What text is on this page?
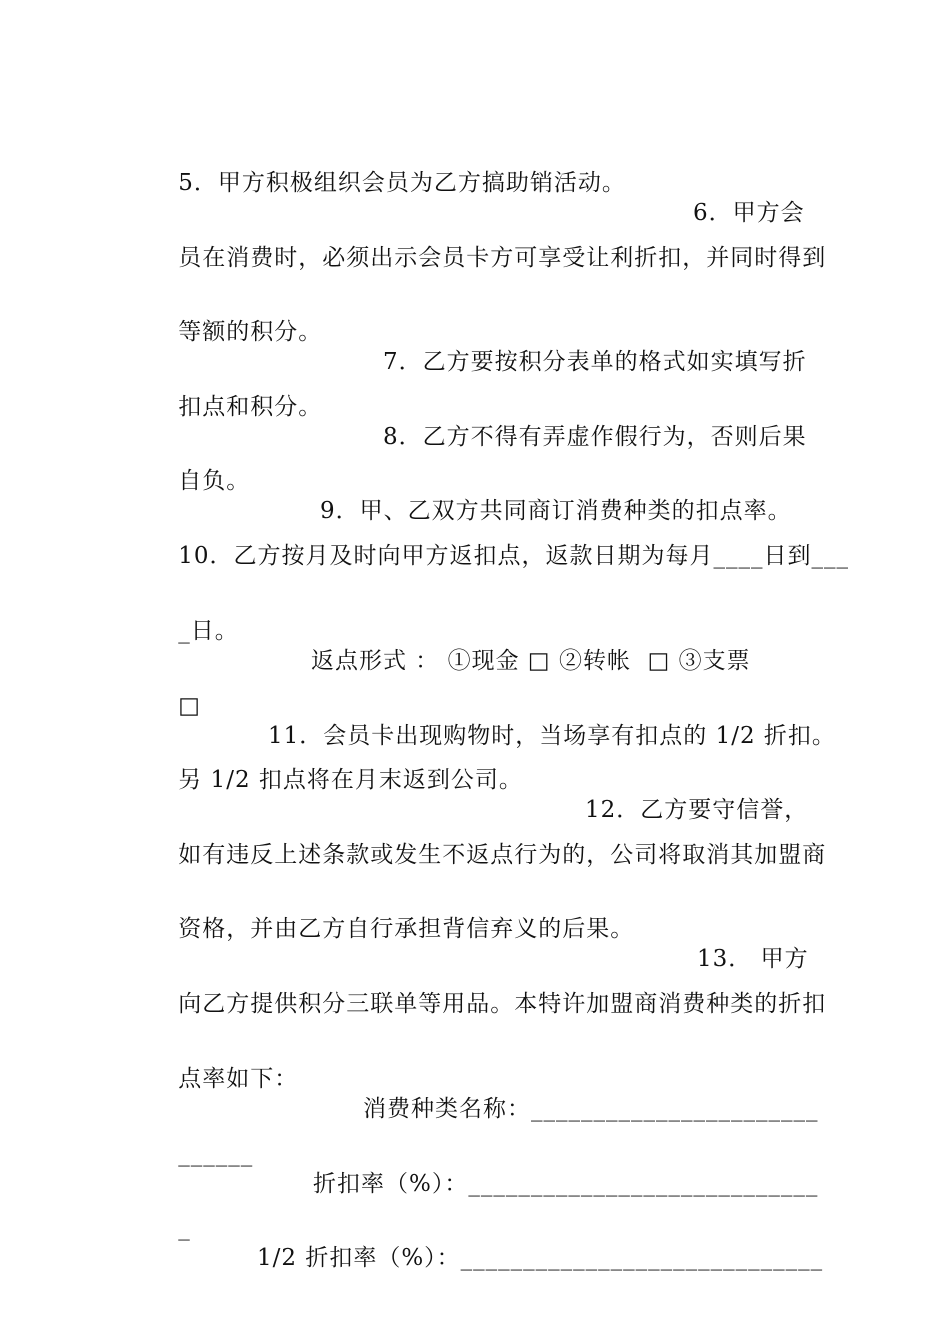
5．甲方积极组织会员为乙方搞助销活动。

6．甲方会

员在消费时，必须出示会员卡方可享受让利折扣，并同时得到

等额的积分。

7．乙方要按积分表单的格式如实填写折

扣点和积分。

8．乙方不得有弄虚作假行为，否则后果

自负。

9．甲、乙双方共同商订消费种类的扣点率。

10．乙方按月及时向甲方返扣点，返款日期为每月____日到___

_日。

返点形式 ： ①现金 □ ②转帐  □ ③支票

□

11．会员卡出现购物时，当场享有扣点的 1/2 折扣。

另 1/2 扣点将在月末返到公司。

12．乙方要守信誉，

如有违反上述条款或发生不返点行为的，公司将取消其加盟商

资格，并由乙方自行承担背信弃义的后果。

13． 甲方

向乙方提供积分三联单等用品。本特许加盟商消费种类的折扣

点率如下：

消费种类名称：_______________________

______

折扣率（%）：____________________________

_

1/2 折扣率（%）：_____________________________
